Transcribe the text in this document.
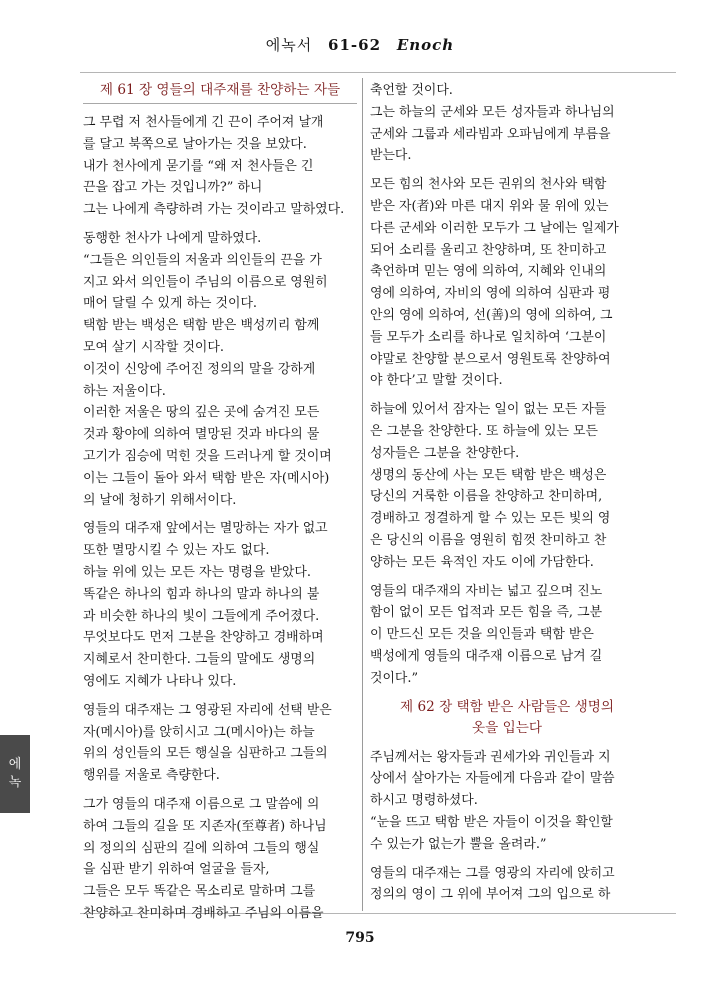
에녹서 61-62 Enoch
제 61 장 영들의 대주재를 찬양하는 자들

그 무렵 저 천사들에게 긴 끈이 주어져 날개
를 달고 북쪽으로 날아가는 것을 보았다.
내가 천사에게 묻기를 “왜 저 천사들은 긴
끈을 잡고 가는 것입니까?” 하니
그는 나에게 측량하려 가는 것이라고 말하였다.

동행한 천사가 나에게 말하였다.
“그들은 의인들의 저울과 의인들의 끈을 가
지고 와서 의인들이 주님의 이름으로 영원히
매어 달릴 수 있게 하는 것이다.
택함 받는 백성은 택함 받은 백성끼리 함께
모여 살기 시작할 것이다.
이것이 신앙에 주어진 정의의 말을 강하게
하는 저울이다.
이러한 저울은 땅의 깊은 곳에 숨겨진 모든
것과 황야에 의하여 멸망된 것과 바다의 물
고기가 짐승에 먹힌 것을 드러나게 할 것이며
이는 그들이 돌아 와서 택함 받은 자(메시아)
의 날에 청하기 위해서이다.

영들의 대주재 앞에서는 멸망하는 자가 없고
또한 멸망시킬 수 있는 자도 없다.
하늘 위에 있는 모든 자는 명령을 받았다.
똑같은 하나의 힘과 하나의 말과 하나의 불
과 비슷한 하나의 빛이 그들에게 주어졌다.
무엇보다도 먼저 그분을 찬양하고 경배하며
지혜로서 찬미한다. 그들의 말에도 생명의
영에도 지혜가 나타나 있다.

영들의 대주재는 그 영광된 자리에 선택 받은
자(메시아)를 앉히시고 그(메시아)는 하늘
위의 성인들의 모든 행실을 심판하고 그들의
행위를 저울로 측량한다.

그가 영들의 대주재 이름으로 그 말씀에 의
하여 그들의 길을 또 지존자(至尊者) 하나님
의 정의의 심판의 길에 의하여 그들의 행실
을 심판 받기 위하여 얼굴을 들자,
그들은 모두 똑같은 목소리로 말하며 그를
찬양하고 찬미하며 경배하고 주님의 이름을

축언할 것이다.
그는 하늘의 군세와 모든 성자들과 하나님의
군세와 그룹과 세라빔과 오파님에게 부름을
받는다.

모든 힘의 천사와 모든 권위의 천사와 택함
받은 자(者)와 마른 대지 위와 물 위에 있는
다른 군세와 이러한 모두가 그 날에는 일제가
되어 소리를 울리고 찬양하며, 또 찬미하고
축언하며 믿는 영에 의하여, 지혜와 인내의
영에 의하여, 자비의 영에 의하여 심판과 평
안의 영에 의하여, 선(善)의 영에 의하여, 그
들 모두가 소리를 하나로 일치하여 ‘그분이
야말로 찬양할 분으로서 영원토록 찬양하여
야 한다’고 말할 것이다.

하늘에 있어서 잠자는 일이 없는 모든 자들
은 그분을 찬양한다. 또 하늘에 있는 모든
성자들은 그분을 찬양한다.
생명의 동산에 사는 모든 택함 받은 백성은
당신의 거룩한 이름을 찬양하고 찬미하며,
경배하고 정결하게 할 수 있는 모든 빛의 영
은 당신의 이름을 영원히 힘껏 찬미하고 찬
양하는 모든 육적인 자도 이에 가담한다.

영들의 대주재의 자비는 넓고 깊으며 진노
함이 없이 모든 업적과 모든 힘을 즉, 그분
이 만드신 모든 것을 의인들과 택함 받은
백성에게 영들의 대주재 이름으로 남겨 길
것이다.”

제 62 장 택함 받은 사람들은 생명의
옷을 입는다

주님께서는 왕자들과 권세가와 귀인들과 지
상에서 살아가는 자들에게 다음과 같이 말씀
하시고 명령하셨다.
“눈을 뜨고 택함 받은 자들이 이것을 확인할
수 있는가 없는가 뿔을 올려라.”

영들의 대주재는 그를 영광의 자리에 앉히고
정의의 영이 그 위에 부어져 그의 입으로 하

에
녹
795
